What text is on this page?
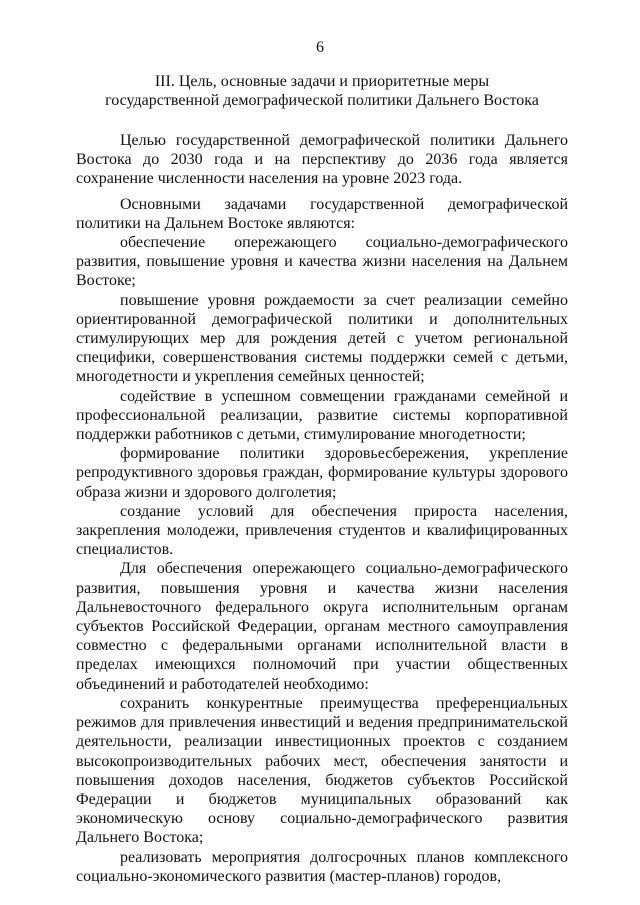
6
III. Цель, основные задачи и приоритетные меры
государственной демографической политики Дальнего Востока

Целью государственной демографической политики Дальнего Востока до 2030 года и на перспективу до 2036 года является сохранение численности населения на уровне 2023 года.

Основными задачами государственной демографической политики на Дальнем Востоке являются:

обеспечение опережающего социально-демографического развития, повышение уровня и качества жизни населения на Дальнем Востоке;

повышение уровня рождаемости за счет реализации семейно ориентированной демографической политики и дополнительных стимулирующих мер для рождения детей с учетом региональной специфики, совершенствования системы поддержки семей с детьми, многодетности и укрепления семейных ценностей;

содействие в успешном совмещении гражданами семейной и профессиональной реализации, развитие системы корпоративной поддержки работников с детьми, стимулирование многодетности;

формирование политики здоровьесбережения, укрепление репродуктивного здоровья граждан, формирование культуры здорового образа жизни и здорового долголетия;

создание условий для обеспечения прироста населения, закрепления молодежи, привлечения студентов и квалифицированных специалистов.

Для обеспечения опережающего социально-демографического развития, повышения уровня и качества жизни населения Дальневосточного федерального округа исполнительным органам субъектов Российской Федерации, органам местного самоуправления совместно с федеральными органами исполнительной власти в пределах имеющихся полномочий при участии общественных объединений и работодателей необходимо:

сохранить конкурентные преимущества преференциальных режимов для привлечения инвестиций и ведения предпринимательской деятельности, реализации инвестиционных проектов с созданием высокопроизводительных рабочих мест, обеспечения занятости и повышения доходов населения, бюджетов субъектов Российской Федерации и бюджетов муниципальных образований как экономическую основу социально-демографического развития Дальнего Востока;

реализовать мероприятия долгосрочных планов комплексного социально-экономического развития (мастер-планов) городов,
